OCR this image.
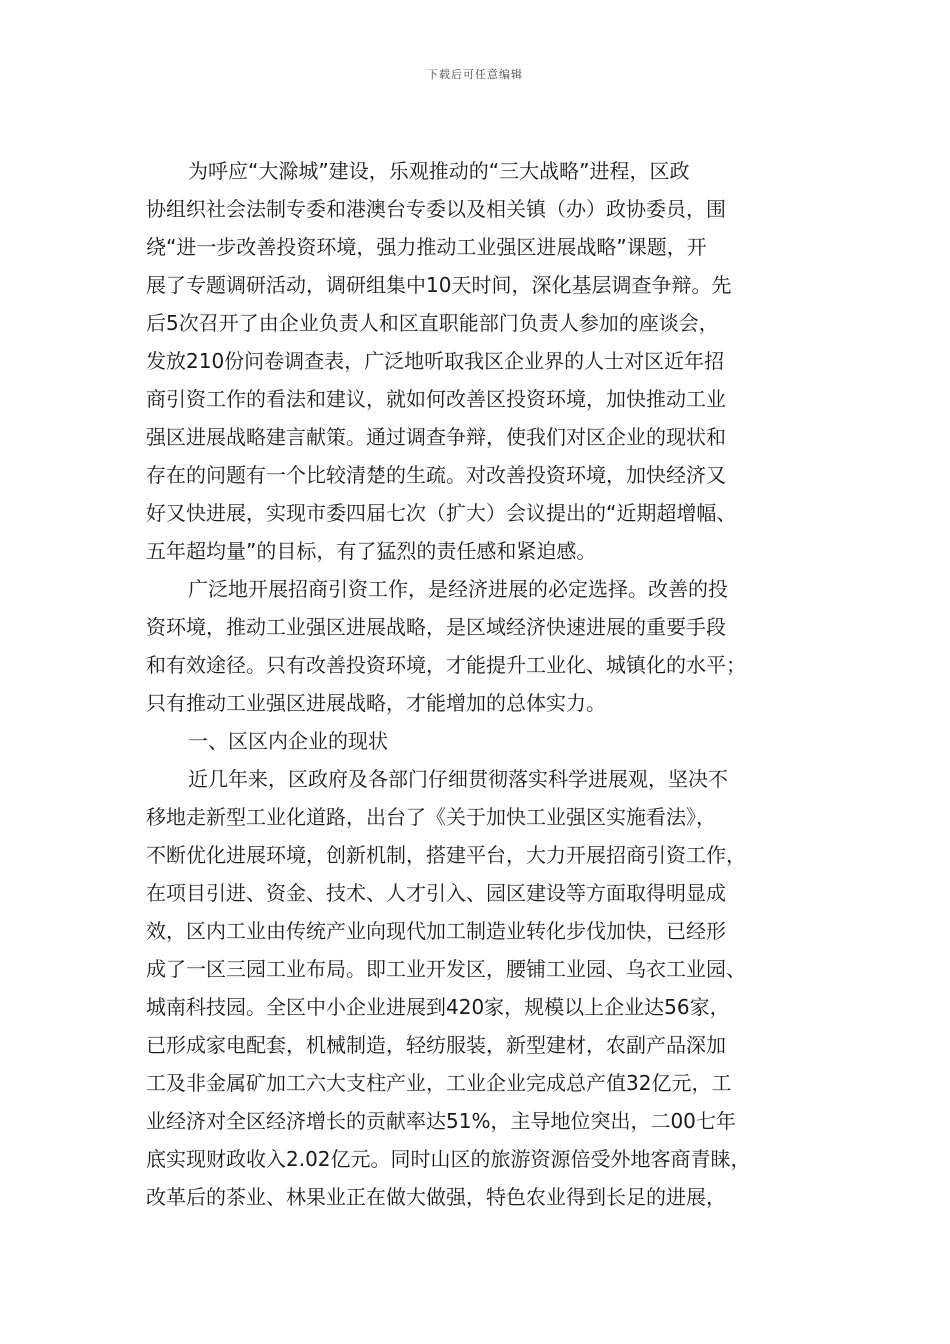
下载后可任意编辑
为呼应“大滁城”建设，乐观推动的“三大战略”进程，区政
协组织社会法制专委和港澳台专委以及相关镇（办）政协委员，围
绕“进一步改善投资环境，强力推动工业强区进展战略”课题，开
展了专题调研活动，调研组集中10天时间，深化基层调查争辩。先
后5次召开了由企业负责人和区直职能部门负责人参加的座谈会，
发放210份问卷调查表，广泛地听取我区企业界的人士对区近年招
商引资工作的看法和建议，就如何改善区投资环境，加快推动工业
强区进展战略建言献策。通过调查争辩，使我们对区企业的现状和
存在的问题有一个比较清楚的生疏。对改善投资环境，加快经济又
好又快进展，实现市委四届七次（扩大）会议提出的“近期超增幅、
五年超均量”的目标，有了猛烈的责任感和紧迫感。
广泛地开展招商引资工作，是经济进展的必定选择。改善的投
资环境，推动工业强区进展战略，是区域经济快速进展的重要手段
和有效途径。只有改善投资环境，才能提升工业化、城镇化的水平；
只有推动工业强区进展战略，才能增加的总体实力。
一、区区内企业的现状
近几年来，区政府及各部门仔细贯彻落实科学进展观，坚决不
移地走新型工业化道路，出台了《关于加快工业强区实施看法》，
不断优化进展环境，创新机制，搭建平台，大力开展招商引资工作，
在项目引进、资金、技术、人才引入、园区建设等方面取得明显成
效，区内工业由传统产业向现代加工制造业转化步伐加快，已经形
成了一区三园工业布局。即工业开发区，腰铺工业园、乌衣工业园、
城南科技园。全区中小企业进展到420家，规模以上企业达56家，
已形成家电配套，机械制造，轻纺服装，新型建材，农副产品深加
工及非金属矿加工六大支柱产业，工业企业完成总产值32亿元，工
业经济对全区经济增长的贡献率达51%，主导地位突出，二00七年
底实现财政收入2.02亿元。同时山区的旅游资源倍受外地客商青睐，
改革后的茶业、林果业正在做大做强，特色农业得到长足的进展，
